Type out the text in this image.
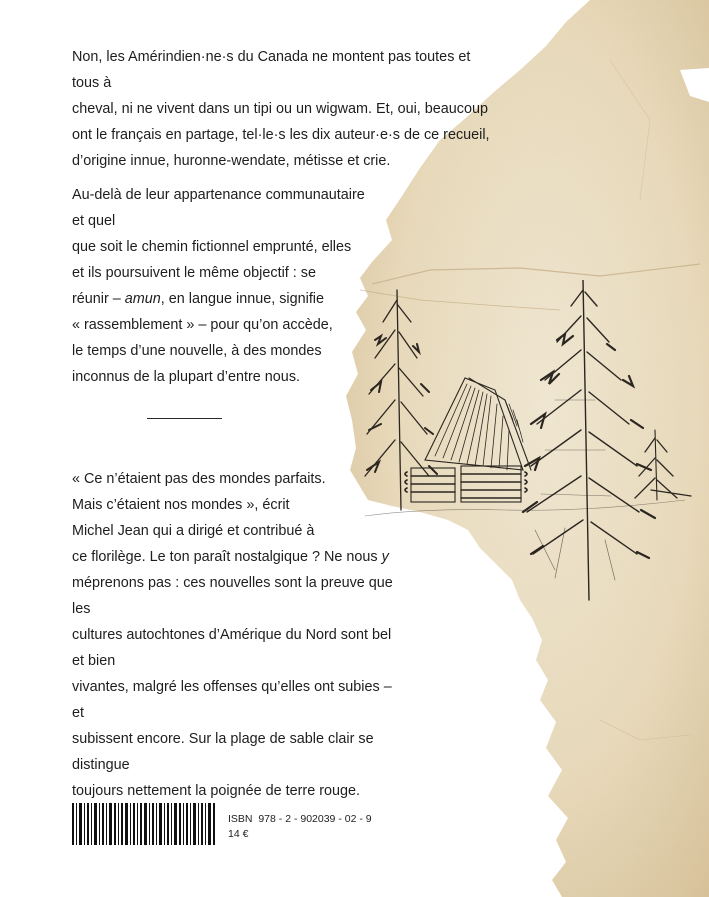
Non, les Amérindien·ne·s du Canada ne montent pas toutes et tous à
cheval, ni ne vivent dans un tipi ou un wigwam. Et, oui, beaucoup
ont le français en partage, tel·le·s les dix auteur·e·s de ce recueil,
d’origine innue, huronne-wendate, métisse et crie.
Au-delà de leur appartenance communautaire et quel
que soit le chemin fictionnel emprunté, elles
et ils poursuivent le même objectif : se
réunir – amun, en langue innue, signifie
« rassemblement » – pour qu’on accède,
le temps d’une nouvelle, à des mondes
inconnus de la plupart d’entre nous.
« Ce n’étaient pas des mondes parfaits.
Mais c’étaient nos mondes », écrit
Michel Jean qui a dirigé et contribué à
ce florilège. Le ton paraît nostalgique ? Ne nous y
méprenons pas : ces nouvelles sont la preuve que les
cultures autochtones d’Amérique du Nord sont bel et bien
vivantes, malgré les offenses qu’elles ont subies – et
subissent encore. Sur la plage de sable clair se distingue
toujours nettement la poignée de terre rouge.
ISBN  978 - 2 - 902039 - 02 - 9
14 €
